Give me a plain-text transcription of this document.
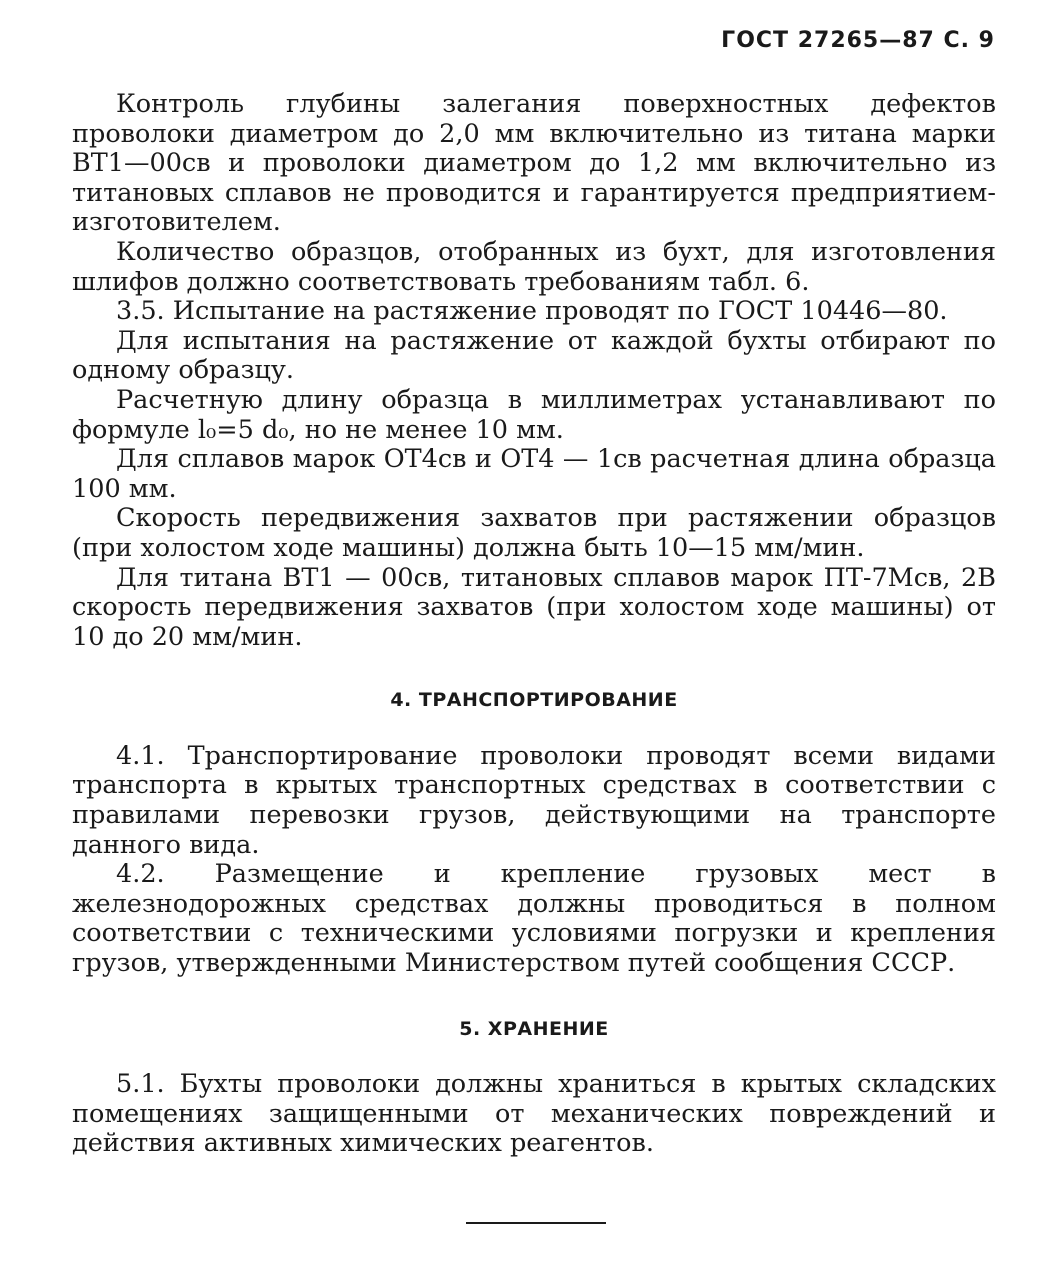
ГОСТ 27265—87 С. 9

Контроль глубины залегания поверхностных дефектов проволоки диаметром до 2,0 мм включительно из титана марки ВТ1—00св и проволоки диаметром до 1,2 мм включительно из титановых сплавов не проводится и гарантируется предприятием-изготовителем.

Количество образцов, отобранных из бухт, для изготовления шлифов должно соответствовать требованиям табл. 6.

3.5. Испытание на растяжение проводят по ГОСТ 10446—80.

Для испытания на растяжение от каждой бухты отбирают по одному образцу.

Расчетную длину образца в миллиметрах устанавливают по формуле l₀=5 d₀, но не менее 10 мм.

Для сплавов марок ОТ4св и ОТ4 — 1св расчетная длина образца 100 мм.

Скорость передвижения захватов при растяжении образцов (при холостом ходе машины) должна быть 10—15 мм/мин.

Для титана ВТ1 — 00св, титановых сплавов марок ПТ-7Мсв, 2В скорость передвижения захватов (при холостом ходе машины) от 10 до 20 мм/мин.

4. ТРАНСПОРТИРОВАНИЕ

4.1. Транспортирование проволоки проводят всеми видами транспорта в крытых транспортных средствах в соответствии с правилами перевозки грузов, действующими на транспорте данного вида.

4.2. Размещение и крепление грузовых мест в железнодорожных средствах должны проводиться в полном соответствии с техническими условиями погрузки и крепления грузов, утвержденными Министерством путей сообщения СССР.

5. ХРАНЕНИЕ

5.1. Бухты проволоки должны храниться в крытых складских помещениях защищенными от механических повреждений и действия активных химических реагентов.
